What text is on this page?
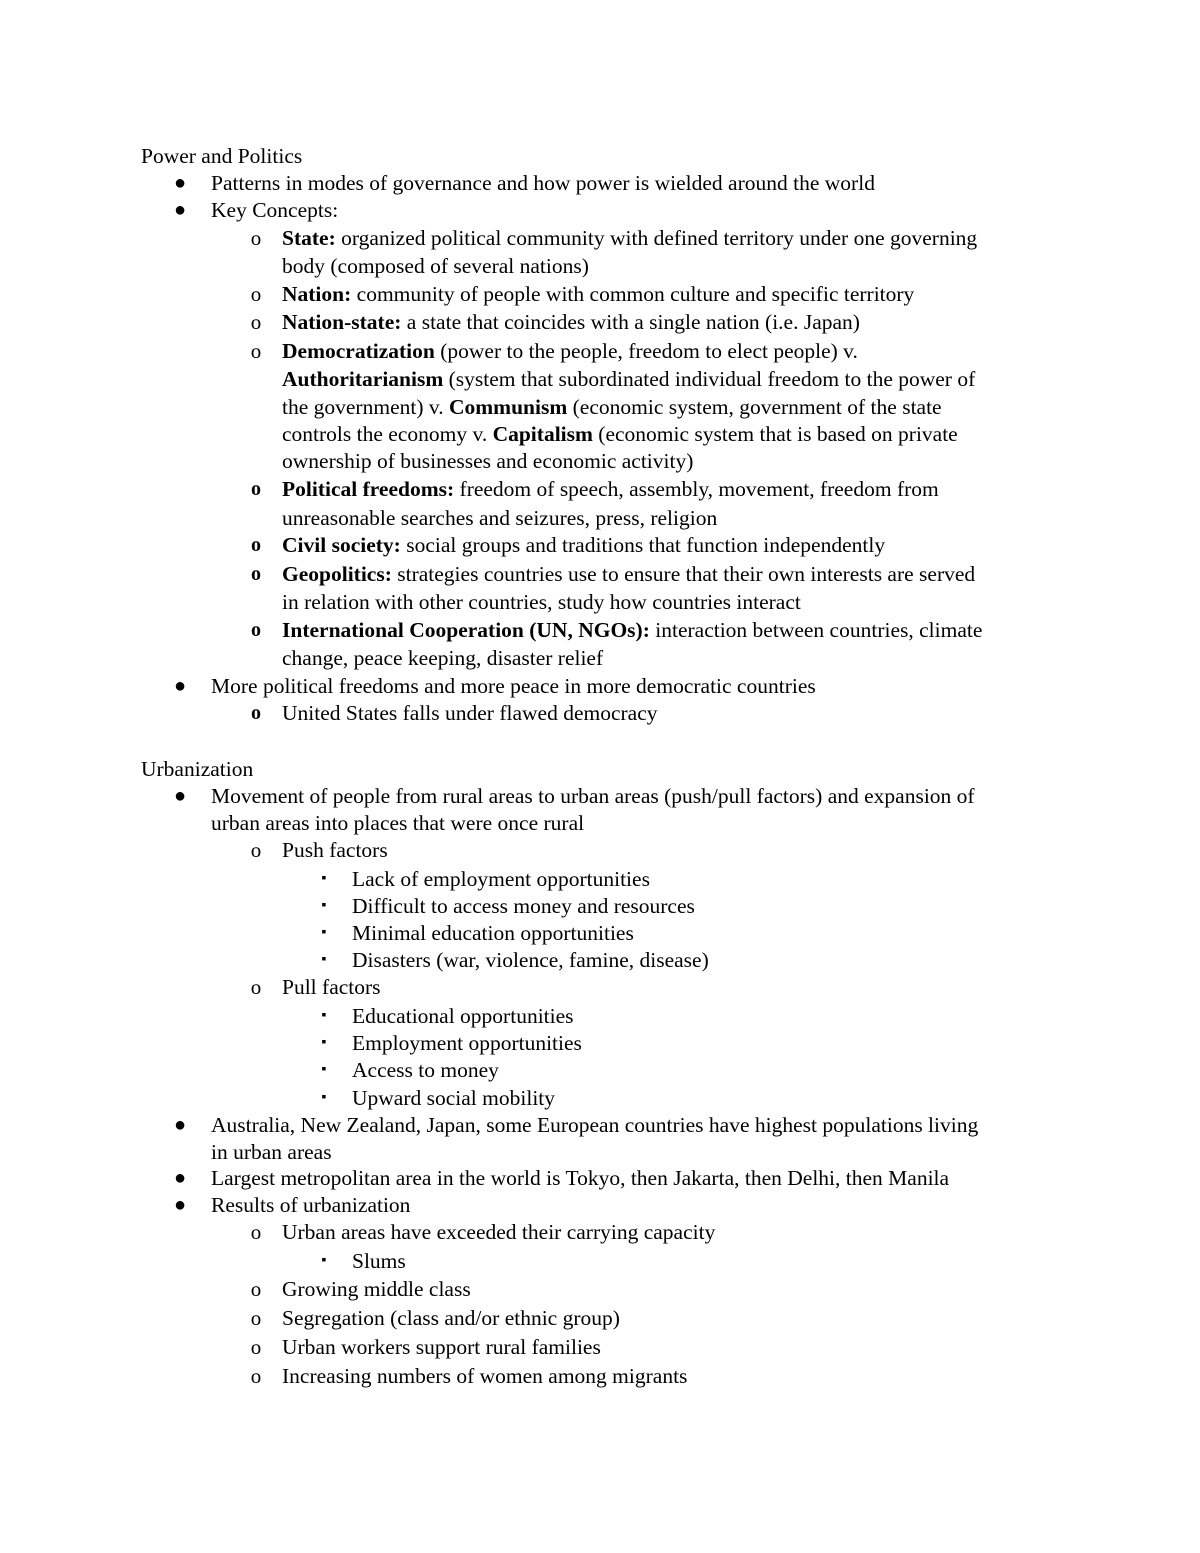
Power and Politics
● Patterns in modes of governance and how power is wielded around the world
● Key Concepts:
o State: organized political community with defined territory under one governing
body (composed of several nations)
o Nation: community of people with common culture and specific territory
o Nation-state: a state that coincides with a single nation (i.e. Japan)
o Democratization (power to the people, freedom to elect people) v.
Authoritarianism (system that subordinated individual freedom to the power of
the government) v. Communism (economic system, government of the state
controls the economy v. Capitalism (economic system that is based on private
ownership of businesses and economic activity)
o Political freedoms: freedom of speech, assembly, movement, freedom from
unreasonable searches and seizures, press, religion
o Civil society: social groups and traditions that function independently
o Geopolitics: strategies countries use to ensure that their own interests are served
in relation with other countries, study how countries interact
o International Cooperation (UN, NGOs): interaction between countries, climate
change, peace keeping, disaster relief
● More political freedoms and more peace in more democratic countries
o United States falls under flawed democracy
Urbanization
● Movement of people from rural areas to urban areas (push/pull factors) and expansion of
urban areas into places that were once rural
o Push factors
▪ Lack of employment opportunities
▪ Difficult to access money and resources
▪ Minimal education opportunities
▪ Disasters (war, violence, famine, disease)
o Pull factors
▪ Educational opportunities
▪ Employment opportunities
▪ Access to money
▪ Upward social mobility
● Australia, New Zealand, Japan, some European countries have highest populations living
in urban areas
● Largest metropolitan area in the world is Tokyo, then Jakarta, then Delhi, then Manila
● Results of urbanization
o Urban areas have exceeded their carrying capacity
▪ Slums
o Growing middle class
o Segregation (class and/or ethnic group)
o Urban workers support rural families
o Increasing numbers of women among migrants
